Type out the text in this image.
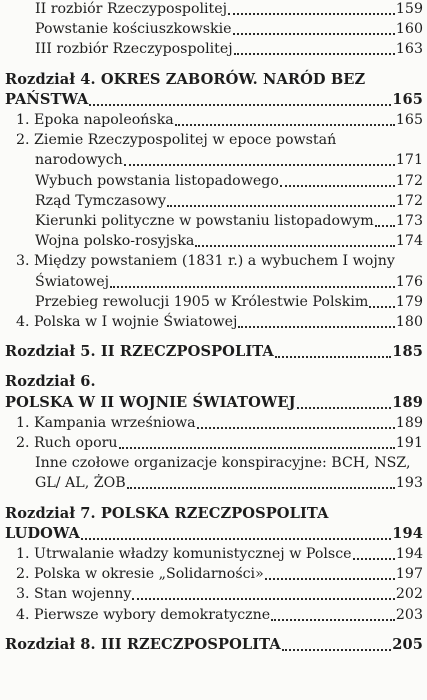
II rozbiór Rzeczypospolitej	159
Powstanie kościuszkowskie	160
III rozbiór Rzeczypospolitej	163
Rozdział 4. OKRES ZABORÓW. NARÓD BEZ
PAŃSTWA	165
1. Epoka napoleońska	165
2. Ziemie Rzeczypospolitej w epoce powstań
narodowych	171
Wybuch powstania listopadowego	172
Rząd Tymczasowy	172
Kierunki polityczne w powstaniu listopadowym 173
Wojna polsko-rosyjska	174
3. Między powstaniem (1831 r.) a wybuchem I wojny
Światowej	176
Przebieg rewolucji 1905 w Królestwie Polskim 179
4. Polska w I wojnie Światowej	180
Rozdział 5. II RZECZPOSPOLITA	185
Rozdział 6.
POLSKA W II WOJNIE ŚWIATOWEJ	189
1. Kampania wrześniowa	189
2. Ruch oporu	191
Inne czołowe organizacje konspiracyjne: BCH, NSZ,
GL/ AL, ŻOB	193
Rozdział 7. POLSKA RZECZPOSPOLITA
LUDOWA	194
1. Utrwalanie władzy komunistycznej w Polsce	194
2. Polska w okresie „Solidarności»	197
3. Stan wojenny	202
4. Pierwsze wybory demokratyczne	203
Rozdział 8. III RZECZPOSPOLITA	205
